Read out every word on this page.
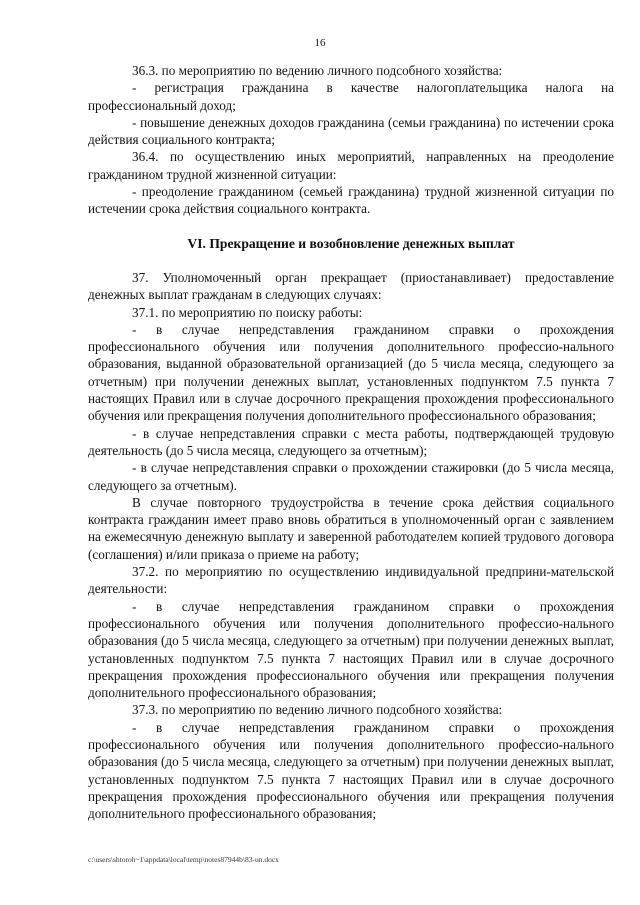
16

36.3. по мероприятию по ведению личного подсобного хозяйства:

- регистрация гражданина в качестве налогоплательщика налога на профессиональный доход;

- повышение денежных доходов гражданина (семьи гражданина) по истечении срока действия социального контракта;

36.4. по осуществлению иных мероприятий, направленных на преодоление гражданином трудной жизненной ситуации:

- преодоление гражданином (семьей гражданина) трудной жизненной ситуации по истечении срока действия социального контракта.

VI. Прекращение и возобновление денежных выплат

37. Уполномоченный орган прекращает (приостанавливает) предоставление денежных выплат гражданам в следующих случаях:

37.1. по мероприятию по поиску работы:

- в случае непредставления гражданином справки о прохождения профессионального обучения или получения дополнительного профессио-нального образования, выданной образовательной организацией (до 5 числа месяца, следующего за отчетным) при получении денежных выплат, установленных подпунктом 7.5 пункта 7 настоящих Правил или в случае досрочного прекращения прохождения профессионального обучения или прекращения получения дополнительного профессионального образования;

- в случае непредставления справки с места работы, подтверждающей трудовую деятельность (до 5 числа месяца, следующего за отчетным);

- в случае непредставления справки о прохождении стажировки (до 5 числа месяца, следующего за отчетным).

В случае повторного трудоустройства в течение срока действия социального контракта гражданин имеет право вновь обратиться в уполномоченный орган с заявлением на ежемесячную денежную выплату и заверенной работодателем копией трудового договора (соглашения) и/или приказа о приеме на работу;

37.2. по мероприятию по осуществлению индивидуальной предприни-мательской деятельности:

- в случае непредставления гражданином справки о прохождения профессионального обучения или получения дополнительного профессио-нального образования (до 5 числа месяца, следующего за отчетным) при получении денежных выплат, установленных подпунктом 7.5 пункта 7 настоящих Правил или в случае досрочного прекращения прохождения профессионального обучения или прекращения получения дополнительного профессионального образования;

37.3. по мероприятию по ведению личного подсобного хозяйства:

- в случае непредставления гражданином справки о прохождения профессионального обучения или получения дополнительного профессио-нального образования (до 5 числа месяца, следующего за отчетным) при получении денежных выплат, установленных подпунктом 7.5 пункта 7 настоящих Правил или в случае досрочного прекращения прохождения профессионального обучения или прекращения получения дополнительного профессионального образования;

c:\users\shtoroh~1\appdata\local\temp\notes87944b\83-un.docx
